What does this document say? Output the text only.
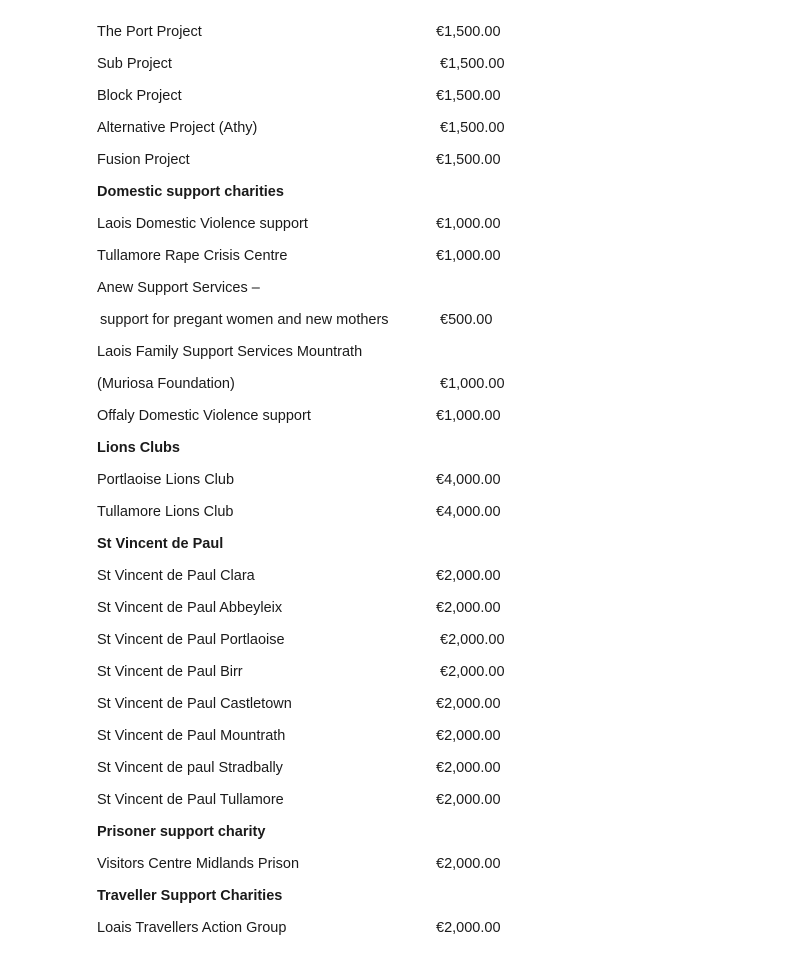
The Port Project	€1,500.00
Sub Project	€1,500.00
Block Project	€1,500.00
Alternative Project (Athy)	€1,500.00
Fusion Project	€1,500.00
Domestic support charities
Laois Domestic Violence support	€1,000.00
Tullamore Rape Crisis Centre	€1,000.00
Anew Support Services –
support for pregant women and new mothers	€500.00
Laois Family Support Services Mountrath
(Muriosa Foundation)	€1,000.00
Offaly Domestic Violence support	€1,000.00
Lions Clubs
Portlaoise Lions Club	€4,000.00
Tullamore Lions Club	€4,000.00
St Vincent de Paul
St Vincent de Paul Clara	€2,000.00
St Vincent de Paul Abbeyleix	€2,000.00
St Vincent de Paul Portlaoise	€2,000.00
St Vincent de Paul Birr	€2,000.00
St Vincent de Paul Castletown	€2,000.00
St Vincent de Paul Mountrath	€2,000.00
St Vincent de paul Stradbally	€2,000.00
St Vincent de Paul Tullamore	€2,000.00
Prisoner support charity
Visitors Centre Midlands Prison	€2,000.00
Traveller Support Charities
Loais Travellers Action Group	€2,000.00
